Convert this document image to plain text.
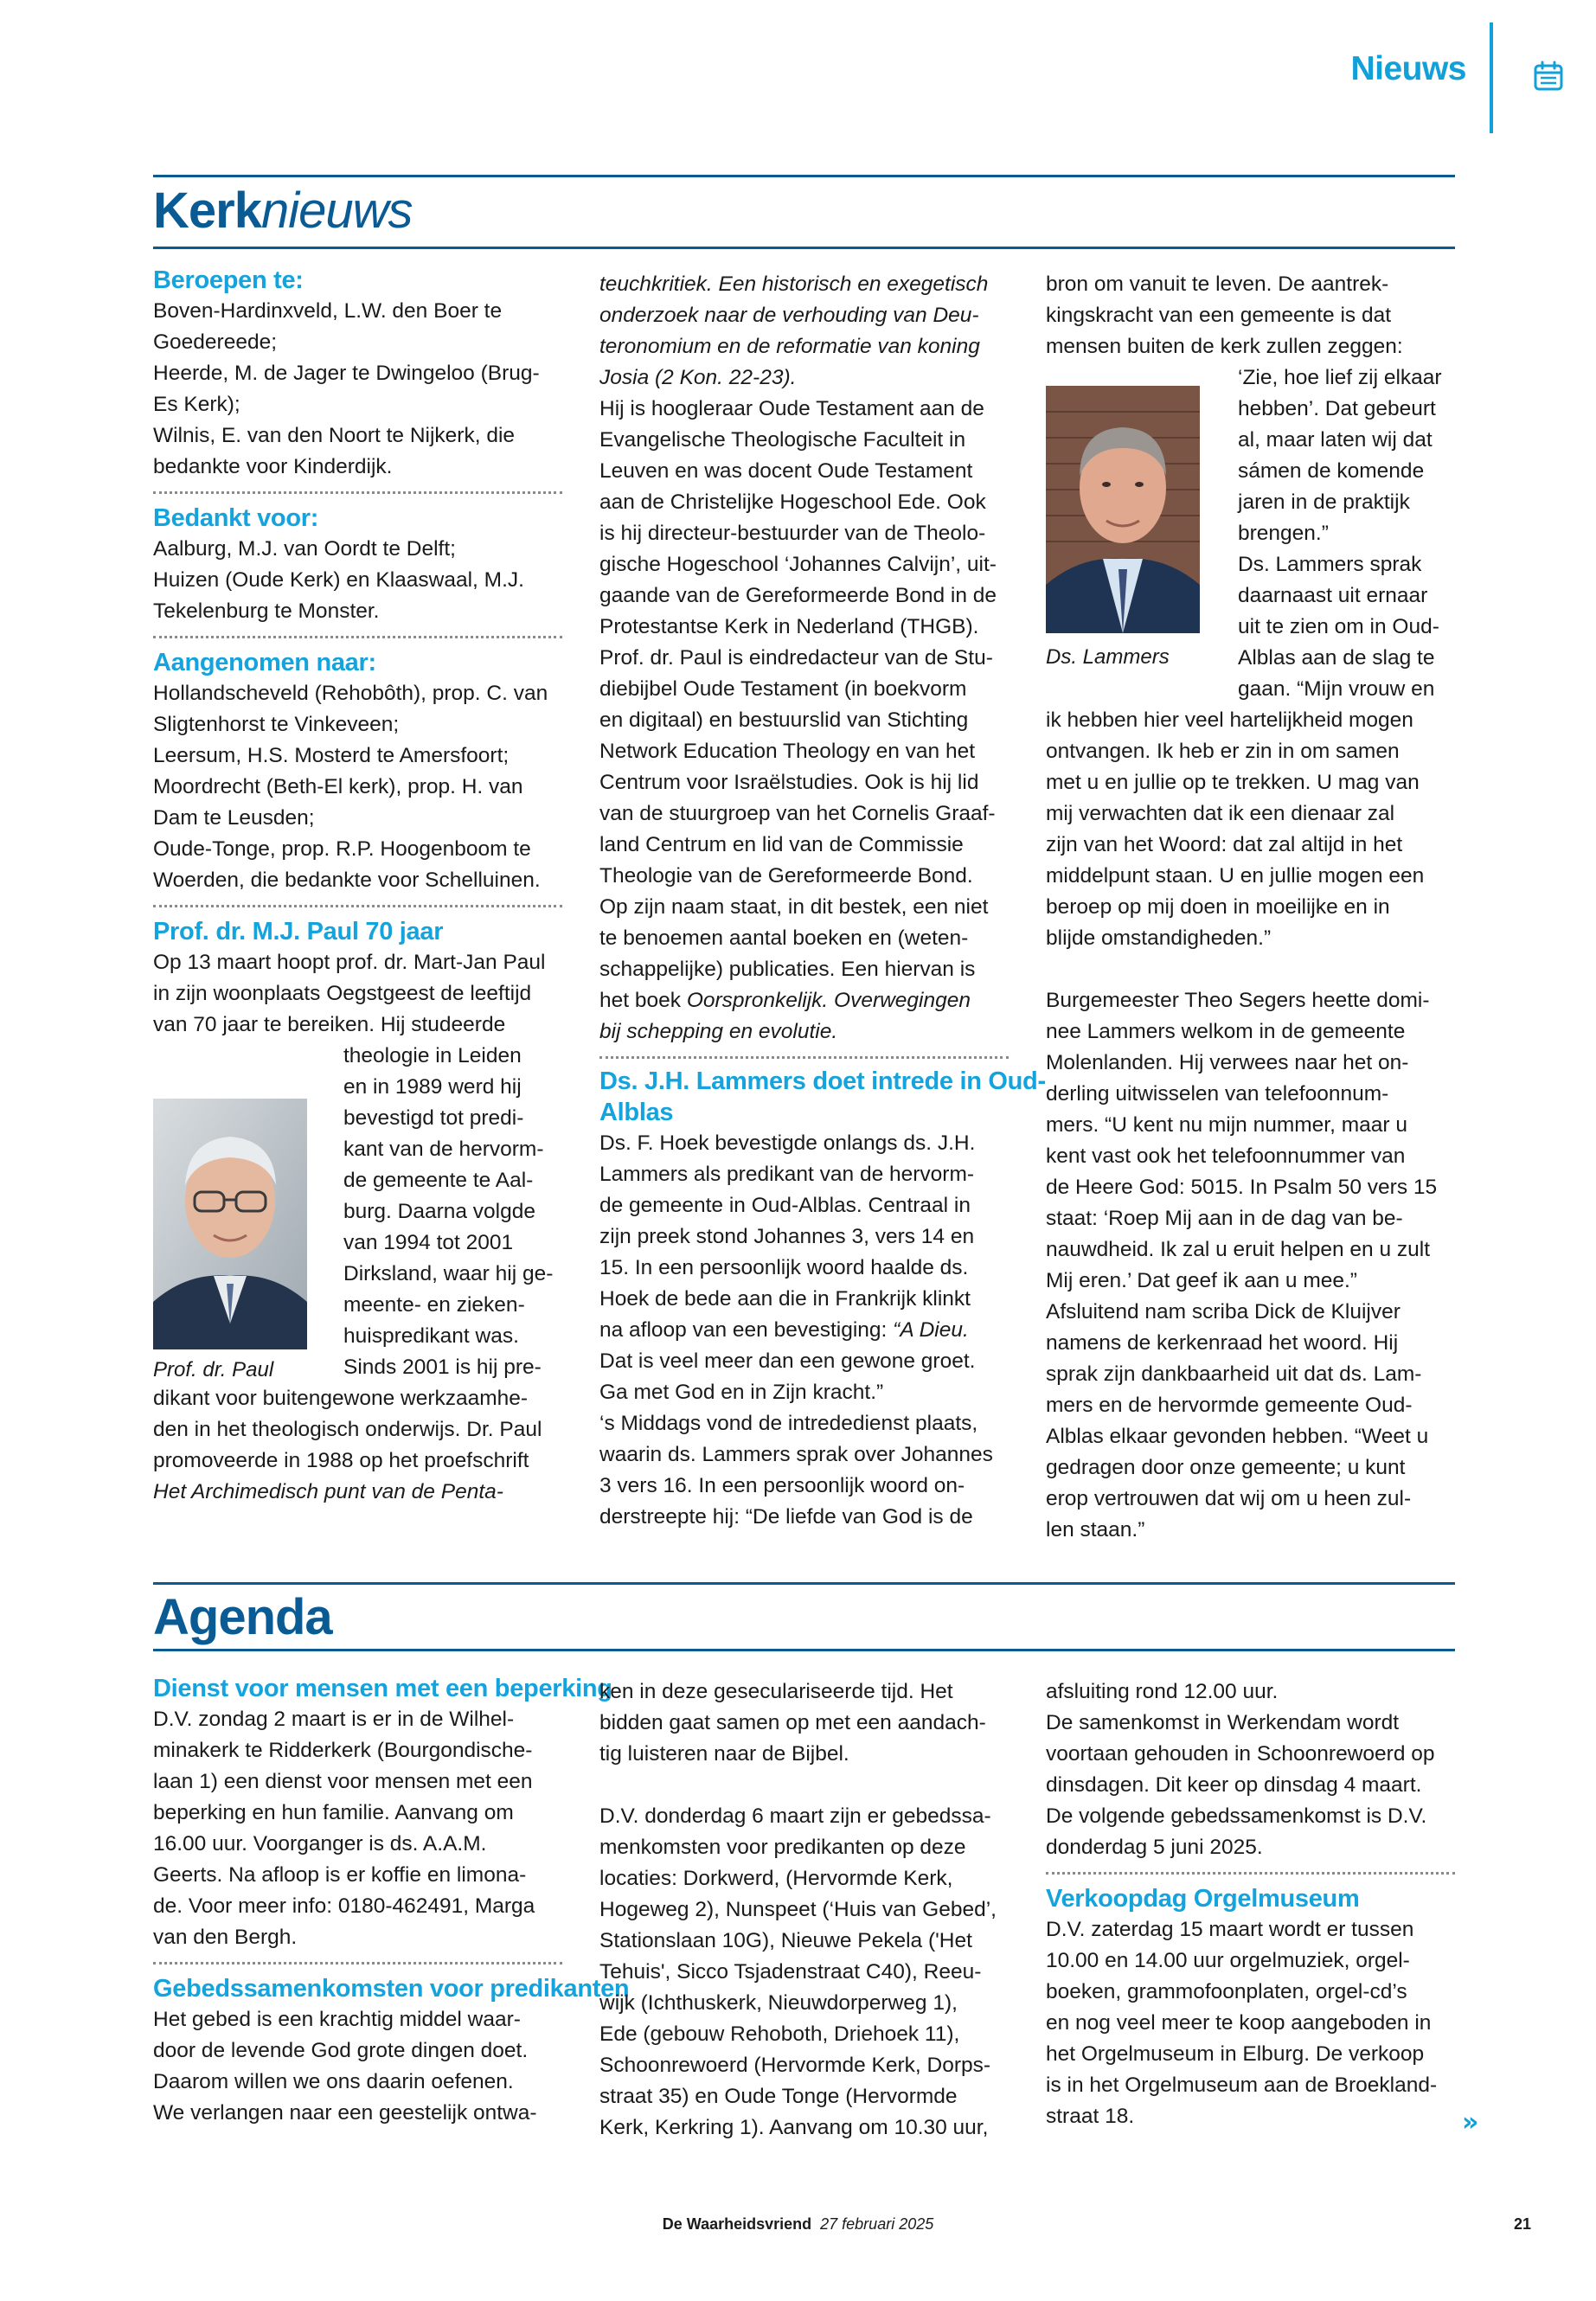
Nieuws
Kerknieuws
Beroepen te:
Boven-Hardinxveld, L.W. den Boer te
Goedereede;
Heerde, M. de Jager te Dwingeloo (Brug-
Es Kerk);
Wilnis, E. van den Noort te Nijkerk, die
bedankte voor Kinderdijk.
Bedankt voor:
Aalburg, M.J. van Oordt te Delft;
Huizen (Oude Kerk) en Klaaswaal, M.J.
Tekelenburg te Monster.
Aangenomen naar:
Hollandscheveld (Rehobôth), prop. C. van
Sligtenhorst te Vinkeveen;
Leersum, H.S. Mosterd te Amersfoort;
Moordrecht (Beth-El kerk), prop. H. van
Dam te Leusden;
Oude-Tonge, prop. R.P. Hoogenboom te
Woerden, die bedankte voor Schelluinen.
Prof. dr. M.J. Paul 70 jaar
Op 13 maart hoopt prof. dr. Mart-Jan Paul
in zijn woonplaats Oegstgeest de leeftijd
van 70 jaar te bereiken. Hij studeerde
theologie in Leiden
en in 1989 werd hij
bevestigd tot predi-
kant van de hervorm-
de gemeente te Aal-
burg. Daarna volgde
van 1994 tot 2001
Dirksland, waar hij ge-
meente- en zieken-
huispredikant was.
Sinds 2001 is hij pre-
dikant voor buitengewone werkzaamhe-
den in het theologisch onderwijs. Dr. Paul
promoveerde in 1988 op het proefschrift
Het Archimedisch punt van de Penta-
Prof. dr. Paul
teuchkritiek. Een historisch en exegetisch
onderzoek naar de verhouding van Deu-
teronomium en de reformatie van koning
Josia (2 Kon. 22-23).
Hij is hoogleraar Oude Testament aan de
Evangelische Theologische Faculteit in
Leuven en was docent Oude Testament
aan de Christelijke Hogeschool Ede. Ook
is hij directeur-bestuurder van de Theolo-
gische Hogeschool ‘Johannes Calvijn’, uit-
gaande van de Gereformeerde Bond in de
Protestantse Kerk in Nederland (THGB).
Prof. dr. Paul is eindredacteur van de Stu-
diebijbel Oude Testament (in boekvorm
en digitaal) en bestuurslid van Stichting
Network Education Theology en van het
Centrum voor Israëlstudies. Ook is hij lid
van de stuurgroep van het Cornelis Graaf-
land Centrum en lid van de Commissie
Theologie van de Gereformeerde Bond.
Op zijn naam staat, in dit bestek, een niet
te benoemen aantal boeken en (weten-
schappelijke) publicaties. Een hiervan is
het boek Oorspronkelijk. Overwegingen
bij schepping en evolutie.
Ds. J.H. Lammers doet intrede in Oud-
Alblas
Ds. F. Hoek bevestigde onlangs ds. J.H.
Lammers als predikant van de hervorm-
de gemeente in Oud-Alblas. Centraal in
zijn preek stond Johannes 3, vers 14 en
15. In een persoonlijk woord haalde ds.
Hoek de bede aan die in Frankrijk klinkt
na afloop van een bevestiging: “A Dieu.
Dat is veel meer dan een gewone groet.
Ga met God en in Zijn kracht.”
‘s Middags vond de intrededienst plaats,
waarin ds. Lammers sprak over Johannes
3 vers 16. In een persoonlijk woord on-
derstreepte hij: “De liefde van God is de
bron om vanuit te leven. De aantrek-
kingskracht van een gemeente is dat
mensen buiten de kerk zullen zeggen:
‘Zie, hoe lief zij elkaar
hebben’. Dat gebeurt
al, maar laten wij dat
sámen de komende
jaren in de praktijk
brengen.”
Ds. Lammers sprak
daarnaast uit ernaar
uit te zien om in Oud-
Alblas aan de slag te
gaan. “Mijn vrouw en
ik hebben hier veel hartelijkheid mogen
ontvangen. Ik heb er zin in om samen
met u en jullie op te trekken. U mag van
mij verwachten dat ik een dienaar zal
zijn van het Woord: dat zal altijd in het
middelpunt staan. U en jullie mogen een
beroep op mij doen in moeilijke en in
blijde omstandigheden.”
Burgemeester Theo Segers heette domi-
nee Lammers welkom in de gemeente
Molenlanden. Hij verwees naar het on-
derling uitwisselen van telefoonnum-
mers. “U kent nu mijn nummer, maar u
kent vast ook het telefoonnummer van
de Heere God: 5015. In Psalm 50 vers 15
staat: ‘Roep Mij aan in de dag van be-
nauwdheid. Ik zal u eruit helpen en u zult
Mij eren.’ Dat geef ik aan u mee.”
Afsluitend nam scriba Dick de Kluijver
namens de kerkenraad het woord. Hij
sprak zijn dankbaarheid uit dat ds. Lam-
mers en de hervormde gemeente Oud-
Alblas elkaar gevonden hebben. “Weet u
gedragen door onze gemeente; u kunt
erop vertrouwen dat wij om u heen zul-
len staan.”
Ds. Lammers
Agenda
Dienst voor mensen met een beperking
D.V. zondag 2 maart is er in de Wilhel-
minakerk te Ridderkerk (Bourgondische-
laan 1) een dienst voor mensen met een
beperking en hun familie. Aanvang om
16.00 uur. Voorganger is ds. A.A.M.
Geerts. Na afloop is er koffie en limona-
de. Voor meer info: 0180-462491, Marga
van den Bergh.
Gebedssamenkomsten voor predikanten
Het gebed is een krachtig middel waar-
door de levende God grote dingen doet.
Daarom willen we ons daarin oefenen.
We verlangen naar een geestelijk ontwa-
ken in deze geseculariseerde tijd. Het
bidden gaat samen op met een aandach-
tig luisteren naar de Bijbel.
D.V. donderdag 6 maart zijn er gebedssa-
menkomsten voor predikanten op deze
locaties: Dorkwerd, (Hervormde Kerk,
Hogeweg 2), Nunspeet (‘Huis van Gebed’,
Stationslaan 10G), Nieuwe Pekela ('Het
Tehuis', Sicco Tsjadenstraat C40), Reeu-
wijk (Ichthuskerk, Nieuwdorperweg 1),
Ede (gebouw Rehoboth, Driehoek 11),
Schoonrewoerd (Hervormde Kerk, Dorps-
straat 35) en Oude Tonge (Hervormde
Kerk, Kerkring 1). Aanvang om 10.30 uur,
afsluiting rond 12.00 uur.
De samenkomst in Werkendam wordt
voortaan gehouden in Schoonrewoerd op
dinsdagen. Dit keer op dinsdag 4 maart.
De volgende gebedssamenkomst is D.V.
donderdag 5 juni 2025.
Verkoopdag Orgelmuseum
D.V. zaterdag 15 maart wordt er tussen
10.00 en 14.00 uur orgelmuziek, orgel-
boeken, grammofoonplaten, orgel-cd’s
en nog veel meer te koop aangeboden in
het Orgelmuseum in Elburg. De verkoop
is in het Orgelmuseum aan de Broekland-
straat 18.	»
De Waarheidsvriend 27 februari 2025	21
